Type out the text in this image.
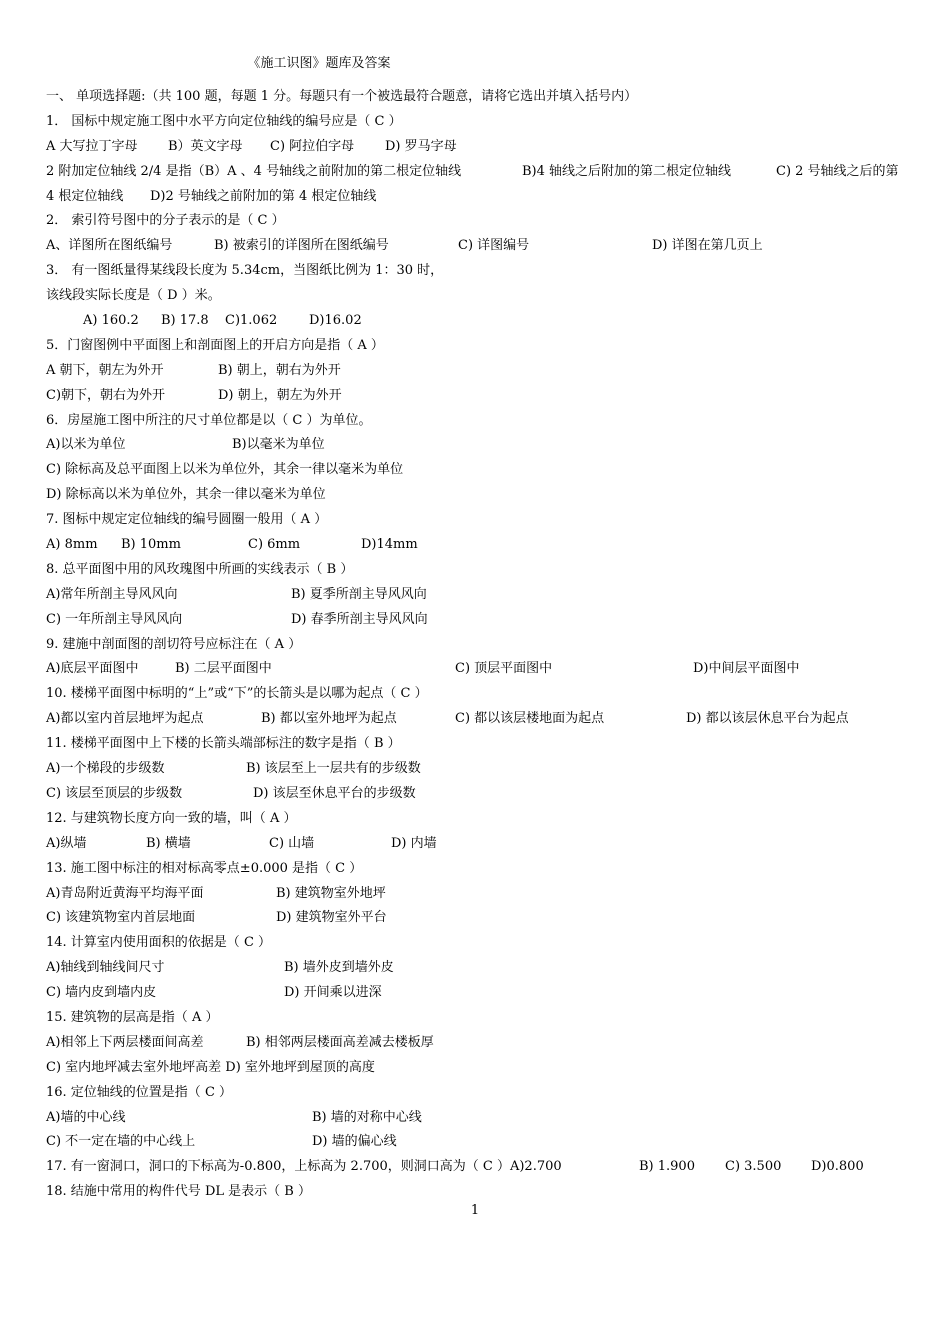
《施工识图》题库及答案
一、 单项选择题:（共 100 题，每题 1 分。每题只有一个被选最符合题意，请将它选出并填入括号内）
1． 国标中规定施工图中水平方向定位轴线的编号应是（ C ）
A 大写拉丁字母 B）英文字母 C) 阿拉伯字母 D) 罗马字母
2 附加定位轴线 2/4 是指（B）A 、4 号轴线之前附加的第二根定位轴线	B)4 轴线之后附加的第二根定位轴线	C) 2 号轴线之后的第
4 根定位轴线 D)2 号轴线之前附加的第 4 根定位轴线
2． 索引符号图中的分子表示的是（ C ）
A、详图所在图纸编号	B) 被索引的详图所在图纸编号	C) 详图编号	D) 详图在第几页上
3． 有一图纸量得某线段长度为 5.34cm，当图纸比例为 1：30 时，
该线段实际长度是（ D ）米。
A) 160.2 B) 17.8 C)1.062 D)16.02
5．门窗图例中平面图上和剖面图上的开启方向是指（ A ）
A 朝下，朝左为外开	B) 朝上，朝右为外开
C)朝下，朝右为外开	D) 朝上，朝左为外开
6．房屋施工图中所注的尺寸单位都是以（ C ）为单位。
A)以米为单位	B)以毫米为单位
C) 除标高及总平面图上以米为单位外，其余一律以毫米为单位
D) 除标高以米为单位外，其余一律以毫米为单位
7. 图标中规定定位轴线的编号圆圈一般用（ A ）
A) 8mm B) 10mm	C) 6mm	D)14mm
8. 总平面图中用的风玫瑰图中所画的实线表示（ B ）
A)常年所剖主导风风向	B) 夏季所剖主导风风向
C) 一年所剖主导风风向	D) 春季所剖主导风风向
9. 建施中剖面图的剖切符号应标注在（ A ）
A)底层平面图中	B) 二层平面图中	C) 顶层平面图中	D)中间层平面图中
10. 楼梯平面图中标明的“上”或“下”的长箭头是以哪为起点（ C ）
A)都以室内首层地坪为起点	B) 都以室外地坪为起点	C) 都以该层楼地面为起点	D) 都以该层休息平台为起点
11. 楼梯平面图中上下楼的长箭头端部标注的数字是指（ B ）
A)一个梯段的步级数	B) 该层至上一层共有的步级数
C) 该层至顶层的步级数	D) 该层至休息平台的步级数
12. 与建筑物长度方向一致的墙，叫（ A ）
A)纵墙	B) 横墙	C) 山墙	D) 内墙
13. 施工图中标注的相对标高零点±0.000 是指（ C ）
A)青岛附近黄海平均海平面	B) 建筑物室外地坪
C) 该建筑物室内首层地面	D) 建筑物室外平台
14. 计算室内使用面积的依据是（ C ）
A)轴线到轴线间尺寸	B) 墙外皮到墙外皮
C) 墙内皮到墙内皮	D) 开间乘以进深
15. 建筑物的层高是指（ A ）
A)相邻上下两层楼面间高差	B) 相邻两层楼面高差减去楼板厚
C) 室内地坪减去室外地坪高差 D) 室外地坪到屋顶的高度
16. 定位轴线的位置是指（ C ）
A)墙的中心线	B) 墙的对称中心线
C) 不一定在墙的中心线上	D) 墙的偏心线
17. 有一窗洞口，洞口的下标高为-0.800，上标高为 2.700，则洞口高为（ C ）A)2.700	B) 1.900 C) 3.500 D)0.800
18. 结施中常用的构件代号 DL 是表示（ B ）
1
